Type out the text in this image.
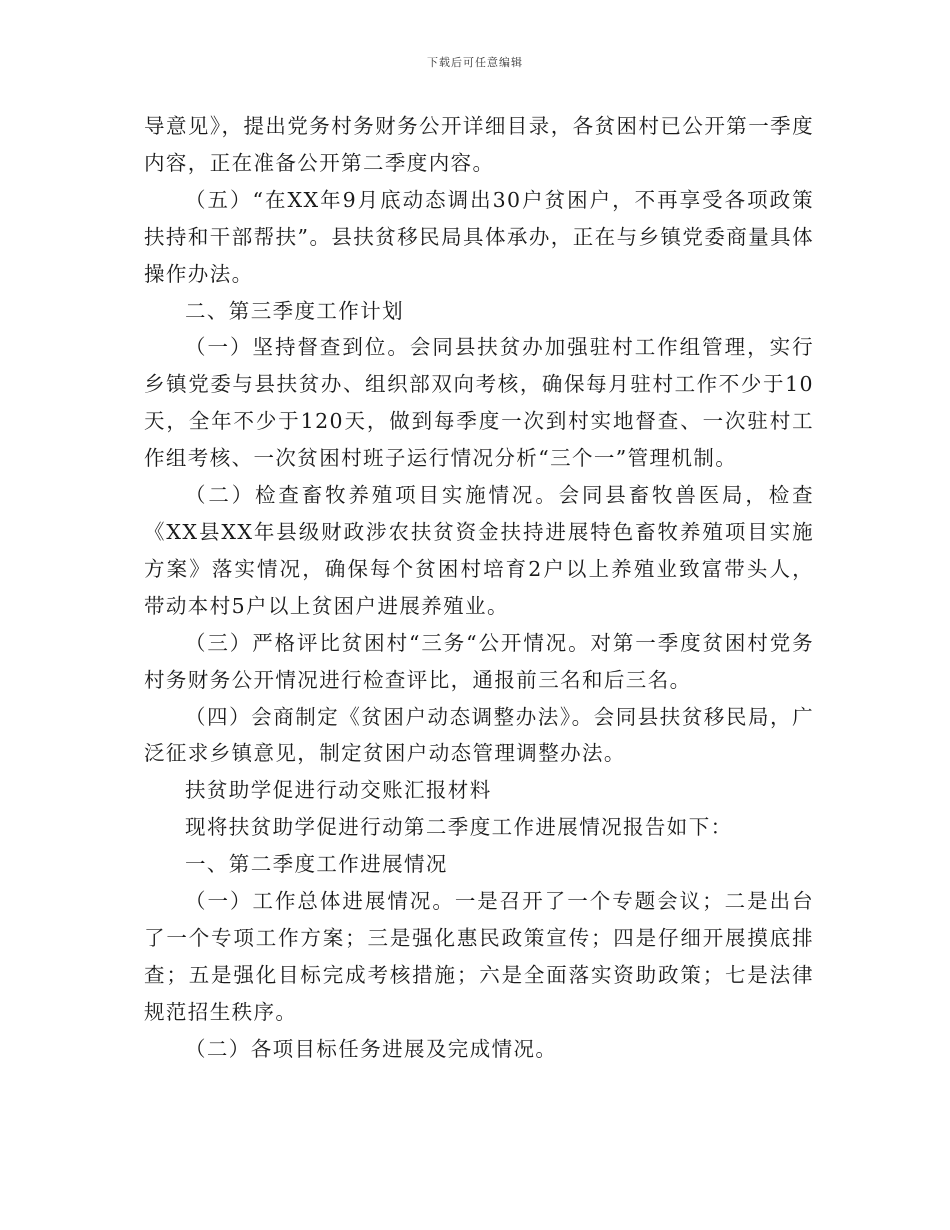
下载后可任意编辑

导意见》，提出党务村务财务公开详细目录，各贫困村已公开第一季度内容，正在准备公开第二季度内容。

（五）“在XX年9月底动态调出30户贫困户，不再享受各项政策扶持和干部帮扶”。县扶贫移民局具体承办，正在与乡镇党委商量具体操作办法。

二、第三季度工作计划

（一）坚持督查到位。会同县扶贫办加强驻村工作组管理，实行乡镇党委与县扶贫办、组织部双向考核，确保每月驻村工作不少于10天，全年不少于120天，做到每季度一次到村实地督查、一次驻村工作组考核、一次贫困村班子运行情况分析“三个一”管理机制。

（二）检查畜牧养殖项目实施情况。会同县畜牧兽医局，检查《XX县XX年县级财政涉农扶贫资金扶持进展特色畜牧养殖项目实施方案》落实情况，确保每个贫困村培育2户以上养殖业致富带头人，带动本村5户以上贫困户进展养殖业。

（三）严格评比贫困村“三务“公开情况。对第一季度贫困村党务村务财务公开情况进行检查评比，通报前三名和后三名。

（四）会商制定《贫困户动态调整办法》。会同县扶贫移民局，广泛征求乡镇意见，制定贫困户动态管理调整办法。

扶贫助学促进行动交账汇报材料

现将扶贫助学促进行动第二季度工作进展情况报告如下：

一、第二季度工作进展情况

（一）工作总体进展情况。一是召开了一个专题会议；二是出台了一个专项工作方案；三是强化惠民政策宣传；四是仔细开展摸底排查；五是强化目标完成考核措施；六是全面落实资助政策；七是法律规范招生秩序。

（二）各项目标任务进展及完成情况。
